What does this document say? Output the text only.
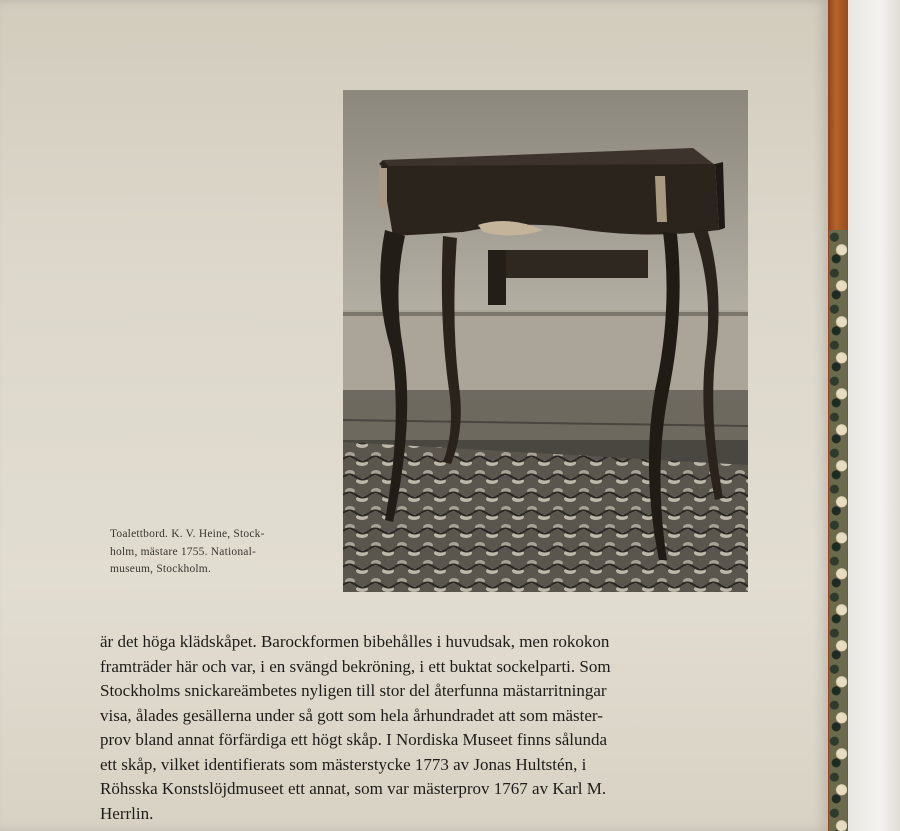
Toalettbord. K. V. Heine, Stock-
holm, mästare 1755. National-
museum, Stockholm.
är det höga klädskåpet. Barockformen bibehålles i huvudsak, men rokokon
framträder här och var, i en svängd bekröning, i ett buktat sockelparti. Som
Stockholms snickareämbetes nyligen till stor del återfunna mästarritningar
visa, ålades gesällerna under så gott som hela århundradet att som mäster-
prov bland annat förfärdiga ett högt skåp. I Nordiska Museet finns sålunda
ett skåp, vilket identifierats som mästerstycke 1773 av Jonas Hultstén, i
Röhsska Konstslöjdmuseet ett annat, som var mästerprov 1767 av Karl M.
Herrlin.
